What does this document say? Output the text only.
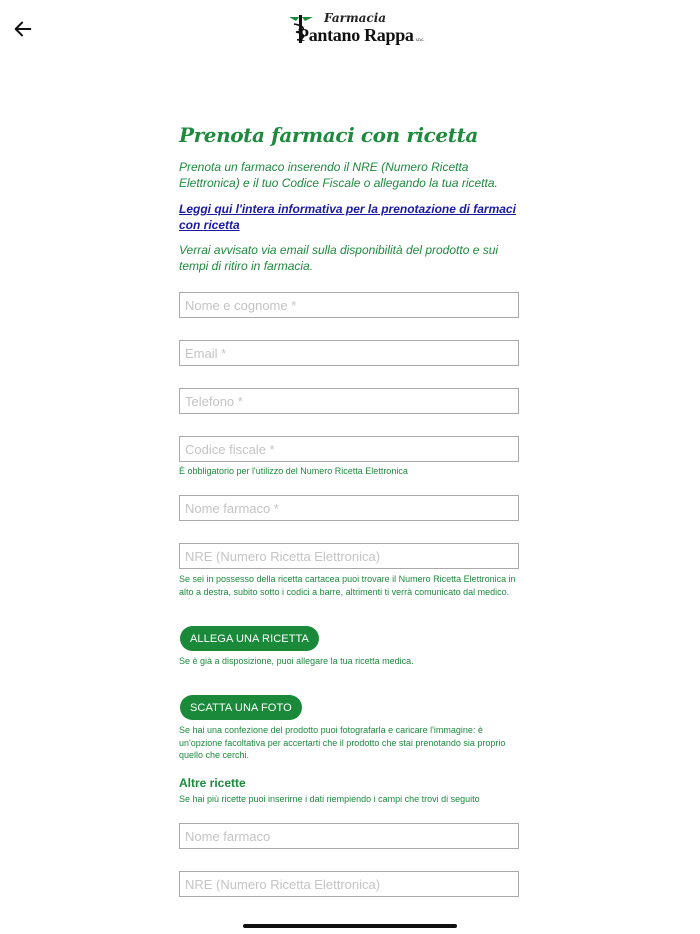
Farmacia
Pantano Rappa s.n.c.
Prenota farmaci con ricetta
Prenota un farmaco inserendo il NRE (Numero Ricetta Elettronica) e il tuo Codice Fiscale o allegando la tua ricetta.
Leggi qui l'intera informativa per la prenotazione di farmaci con ricetta
Verrai avvisato via email sulla disponibilità del prodotto e sui tempi di ritiro in farmacia.
Nome e cognome *
Email *
Telefono *
Codice fiscale *
È obbligatorio per l'utilizzo del Numero Ricetta Elettronica
Nome farmaco *
NRE (Numero Ricetta Elettronica)
Se sei in possesso della ricetta cartacea puoi trovare il Numero Ricetta Elettronica in alto a destra, subito sotto i codici a barre, altrimenti ti verrà comunicato dal medico.
ALLEGA UNA RICETTA
Se è già a disposizione, puoi allegare la tua ricetta medica.
SCATTA UNA FOTO
Se hai una confezione del prodotto puoi fotografarla e caricare l'immagine: è un'opzione facoltativa per accertarti che il prodotto che stai prenotando sia proprio quello che cerchi.
Altre ricette
Se hai più ricette puoi inserirne i dati riempiendo i campi che trovi di seguito
Nome farmaco
NRE (Numero Ricetta Elettronica)
